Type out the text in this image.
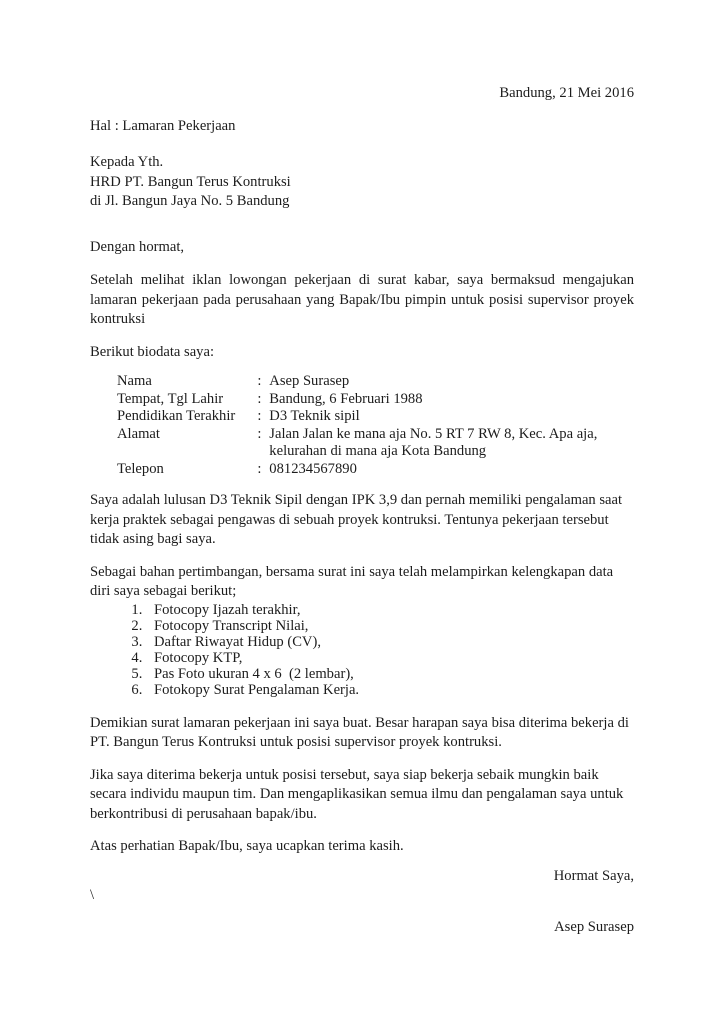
Bandung, 21 Mei 2016

Hal : Lamaran Pekerjaan

Kepada Yth.
HRD PT. Bangun Terus Kontruksi
di Jl. Bangun Jaya No. 5 Bandung

Dengan hormat,

Setelah melihat iklan lowongan pekerjaan di surat kabar, saya bermaksud mengajukan lamaran pekerjaan pada perusahaan yang Bapak/Ibu pimpin untuk posisi supervisor proyek kontruksi

Berikut biodata saya:

Nama	:	Asep Surasep
Tempat, Tgl Lahir	:	Bandung, 6 Februari 1988
Pendidikan Terakhir	:	D3 Teknik sipil
Alamat	:	Jalan Jalan ke mana aja No. 5 RT 7 RW 8, Kec. Apa aja, kelurahan di mana aja Kota Bandung
Telepon	:	081234567890

Saya adalah lulusan D3 Teknik Sipil dengan IPK 3,9 dan pernah memiliki pengalaman saat kerja praktek sebagai pengawas di sebuah proyek kontruksi. Tentunya pekerjaan tersebut tidak asing bagi saya.

Sebagai bahan pertimbangan, bersama surat ini saya telah melampirkan kelengkapan data diri saya sebagai berikut;

1. Fotocopy Ijazah terakhir,
2. Fotocopy Transcript Nilai,
3. Daftar Riwayat Hidup (CV),
4. Fotocopy KTP,
5. Pas Foto ukuran 4 x 6  (2 lembar),
6. Fotokopy Surat Pengalaman Kerja.

Demikian surat lamaran pekerjaan ini saya buat. Besar harapan saya bisa diterima bekerja di PT. Bangun Terus Kontruksi untuk posisi supervisor proyek kontruksi.

Jika saya diterima bekerja untuk posisi tersebut, saya siap bekerja sebaik mungkin baik secara individu maupun tim. Dan mengaplikasikan semua ilmu dan pengalaman saya untuk berkontribusi di perusahaan bapak/ibu.

Atas perhatian Bapak/Ibu, saya ucapkan terima kasih.

Hormat Saya,

\

Asep Surasep
